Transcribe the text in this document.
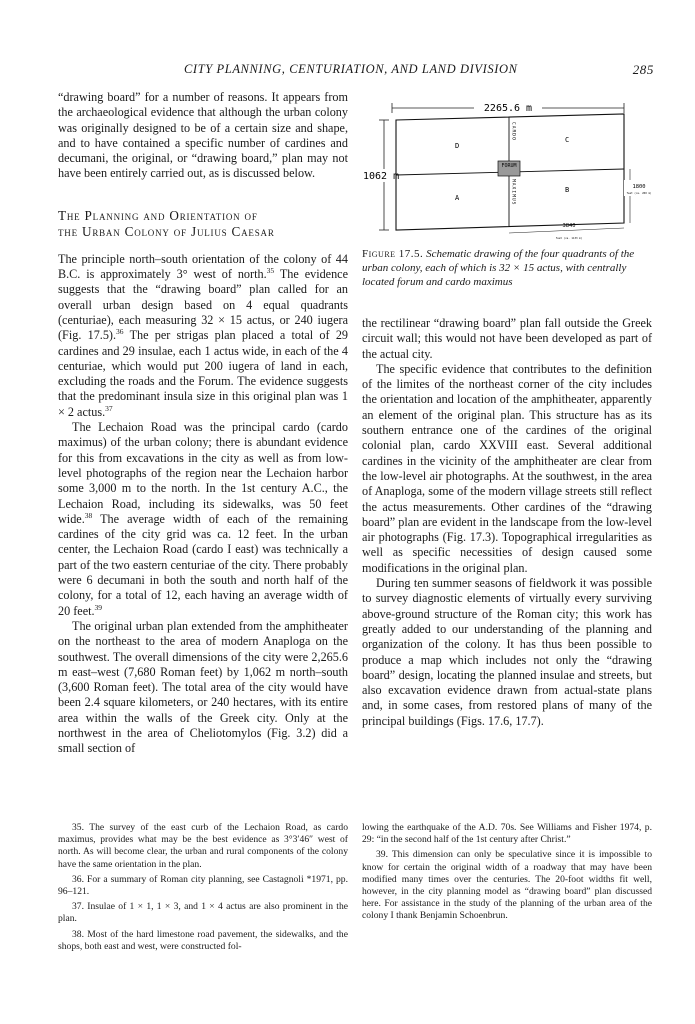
CITY PLANNING, CENTURIATION, AND LAND DIVISION	285

“drawing board” for a number of reasons. It appears from the archaeological evidence that although the urban colony was originally designed to be of a certain size and shape, and to have contained a specific number of cardines and decumani, the original, or “drawing board,” plan may not have been entirely carried out, as is discussed below.

The Planning and Orientation of
the Urban Colony of Julius Caesar

The principle north–south orientation of the colony of 44 B.C. is approximately 3° west of north.$^{35}$ The evidence suggests that the “drawing board” plan called for an overall urban design based on 4 equal quadrants (centuriae), each measuring 32 × 15 actus, or 240 iugera (Fig. 17.5).$^{36}$ The per strigas plan placed a total of 29 cardines and 29 insulae, each 1 actus wide, in each of the 4 centuriae, which would put 200 iugera of land in each, excluding the roads and the Forum. The evidence suggests that the predominant insula size in this original plan was 1 × 2 actus.$^{37}$

The Lechaion Road was the principal cardo (cardo maximus) of the urban colony; there is abundant evidence for this from excavations in the city as well as from low-level photographs of the region near the Lechaion harbor some 3,000 m to the north. In the 1st century A.C., the Lechaion Road, including its sidewalks, was 50 feet wide.$^{38}$ The average width of each of the remaining cardines of the city grid was ca. 12 feet. In the urban center, the Lechaion Road (cardo I east) was technically a part of the two eastern centuriae of the city. There probably were 6 decumani in both the south and north half of the colony, for a total of 12, each having an average width of 20 feet.$^{39}$

The original urban plan extended from the amphitheater on the northeast to the area of modern Anaploga on the southwest. The overall dimensions of the city were 2,265.6 m east–west (7,680 Roman feet) by 1,062 m north–south (3,600 Roman feet). The total area of the city would have been 2.4 square kilometers, or 240 hectares, with its entire area within the walls of the Greek city. Only at the northwest in the area of Cheliotomylos (Fig. 3.2) did a small section of

2265.6 m
1062 m
FORUM
CARDO
MAXIMUS
A
B
C
D
1800
feet (ca. 200 m)
3840
feet (ca. 1133 m)
Figure 17.5. Schematic drawing of the four quadrants of the urban colony, each of which is 32 × 15 actus, with centrally located forum and cardo maximus

the rectilinear “drawing board” plan fall outside the Greek circuit wall; this would not have been developed as part of the actual city.

The specific evidence that contributes to the definition of the limites of the northeast corner of the city includes the orientation and location of the amphitheater, apparently an element of the original plan. This structure has as its southern entrance one of the cardines of the original colonial plan, cardo XXVIII east. Several additional cardines in the vicinity of the amphitheater are clear from the low-level air photographs. At the southwest, in the area of Anaploga, some of the modern village streets still reflect the actus measurements. Other cardines of the “drawing board” plan are evident in the landscape from the low-level air photographs (Fig. 17.3). Topographical irregularities as well as specific necessities of design caused some modifications in the original plan.

During ten summer seasons of fieldwork it was possible to survey diagnostic elements of virtually every surviving above-ground structure of the Roman city; this work has greatly added to our understanding of the planning and organization of the colony. It has thus been possible to produce a map which includes not only the “drawing board” design, locating the planned insulae and streets, but also excavation evidence drawn from actual-state plans and, in some cases, from restored plans of many of the principal buildings (Figs. 17.6, 17.7).

35. The survey of the east curb of the Lechaion Road, as cardo maximus, provides what may be the best evidence as 3°3′46″ west of north. As will become clear, the urban and rural components of the colony have the same orientation in the plan.

36. For a summary of Roman city planning, see Castagnoli *1971, pp. 96–121.

37. Insulae of 1 × 1, 1 × 3, and 1 × 4 actus are also prominent in the plan.

38. Most of the hard limestone road pavement, the sidewalks, and the shops, both east and west, were constructed fol-

lowing the earthquake of the A.D. 70s. See Williams and Fisher 1974, p. 29: “in the second half of the 1st century after Christ.”

39. This dimension can only be speculative since it is impossible to know for certain the original width of a roadway that may have been modified many times over the centuries. The 20-foot widths fit well, however, in the city planning model as “drawing board” plan discussed here. For assistance in the study of the planning of the urban area of the colony I thank Benjamin Schoenbrun.
